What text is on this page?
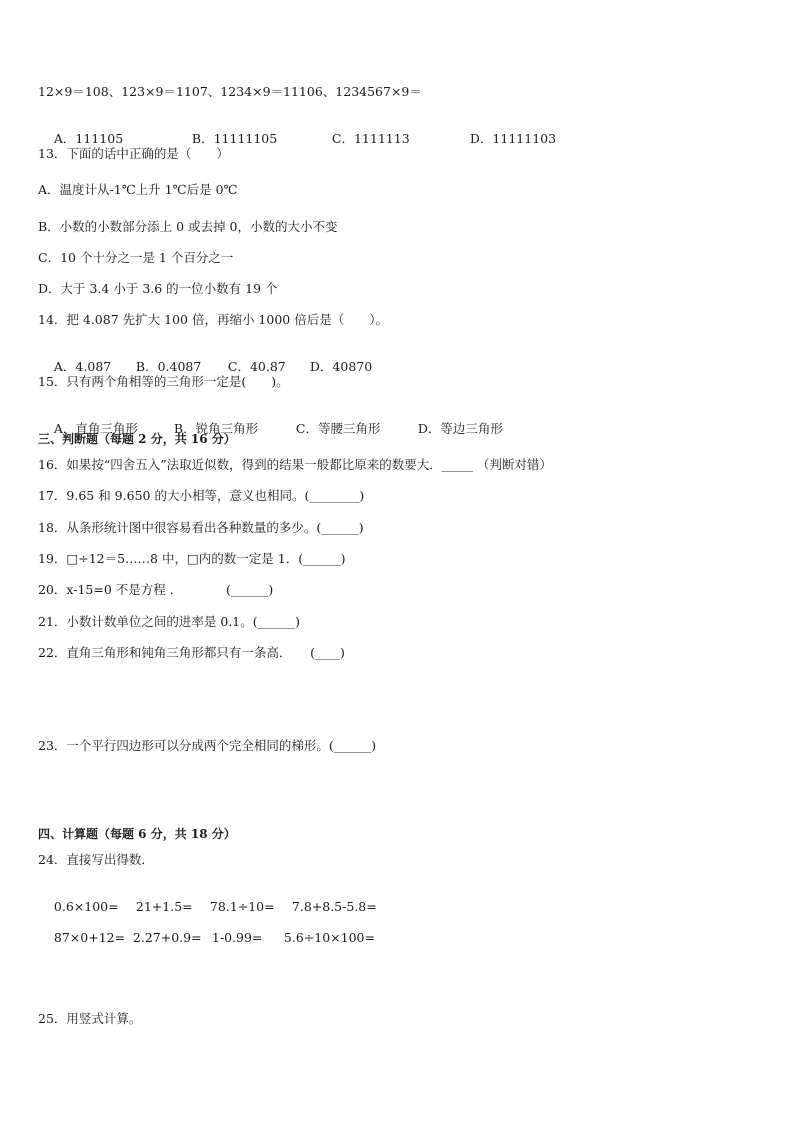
12×9＝108、123×9＝1107、1234×9＝11106、1234567×9＝

A．111105	B．11111105	C．1111113	D．11111103

13．下面的话中正确的是（　　）
A．温度计从-1℃上升 1℃后是 0℃
B．小数的小数部分添上 0 或去掉 0，小数的大小不变
C．10 个十分之一是 1 个百分之一
D．大于 3.4 小于 3.6 的一位小数有 19 个
14．把 4.087 先扩大 100 倍，再缩小 1000 倍后是（　　）。

A．4.087 B．0.4087 C．40.87 D．40870

15．只有两个角相等的三角形一定是(　　)。

A．直角三角形	B．锐角三角形	C．等腰三角形	D．等边三角形

三、判断题（每题 2 分，共 16 分）
16．如果按“四舍五入”法取近似数，得到的结果一般都比原来的数要大．_____ （判断对错）
17．9.65 和 9.650 的大小相等，意义也相同。(________)
18．从条形统计图中很容易看出各种数量的多少。(______)
19．□÷12＝5……8 中，□内的数一定是 1．(______)
20．x-15=0 不是方程 ．　　　　(______)
21．小数计数单位之间的进率是 0.1。(______)
22．直角三角形和钝角三角形都只有一条高．　　(____)
23．一个平行四边形可以分成两个完全相同的梯形。(______)
四、计算题（每题 6 分，共 18 分）
24．直接写出得数．

0.6×100= 21+1.5= 78.1÷10= 7.8+8.5-5.8=

87×0+12= 2.27+0.9= 1-0.99= 5.6÷10×100=

25．用竖式计算。
